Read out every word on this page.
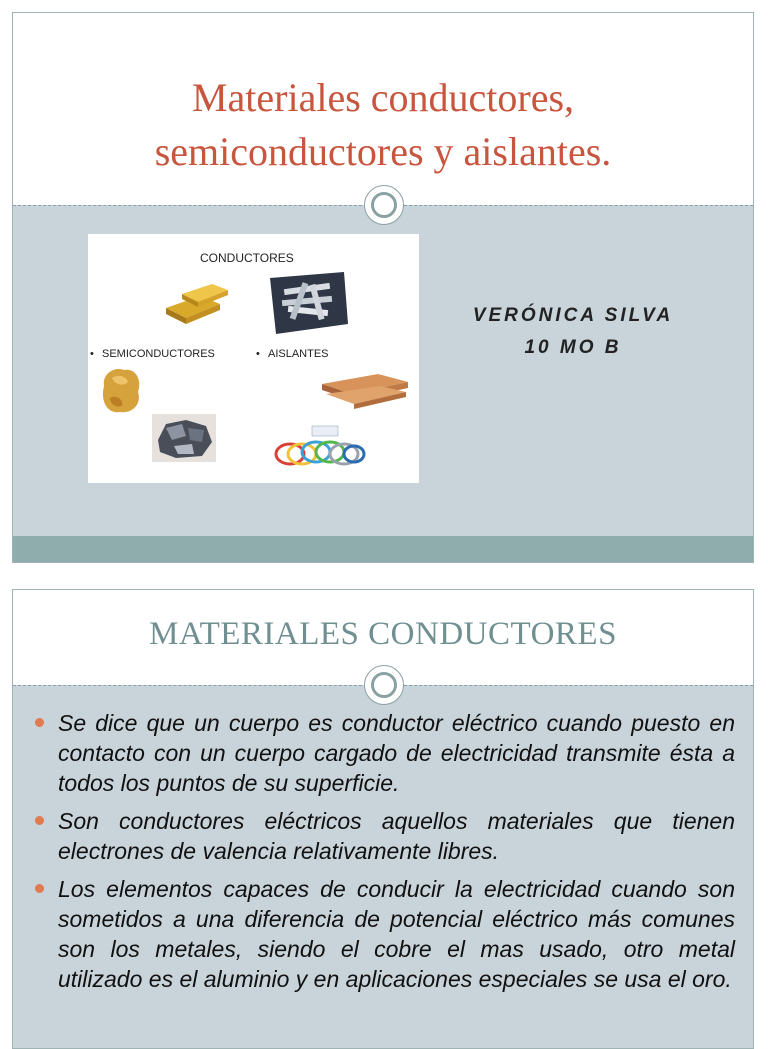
Materiales conductores,
semiconductores y aislantes.
CONDUCTORES
• SEMICONDUCTORES	• AISLANTES
VERÓNICA SILVA
10 MO B
MATERIALES CONDUCTORES
Se dice que un cuerpo es conductor eléctrico cuando puesto en contacto con un cuerpo cargado de electricidad transmite ésta a todos los puntos de su superficie.
Son conductores eléctricos aquellos materiales que tienen electrones de valencia relativamente libres.
Los elementos capaces de conducir la electricidad cuando son sometidos a una diferencia de potencial eléctrico más comunes son los metales, siendo el cobre el mas usado, otro metal utilizado es el aluminio y en aplicaciones especiales se usa el oro.
